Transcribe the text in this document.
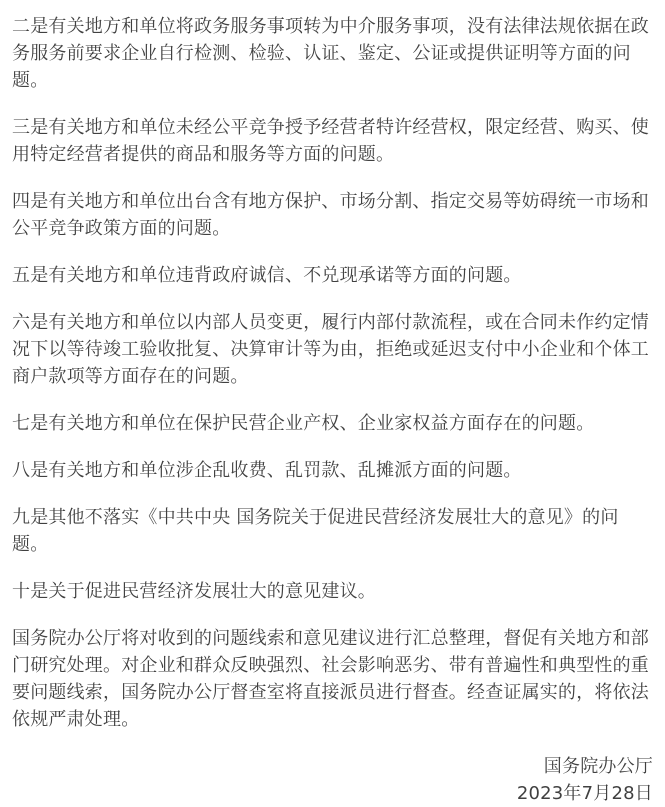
二是有关地方和单位将政务服务事项转为中介服务事项，没有法律法规依据在政务服务前要求企业自行检测、检验、认证、鉴定、公证或提供证明等方面的问题。

三是有关地方和单位未经公平竞争授予经营者特许经营权，限定经营、购买、使用特定经营者提供的商品和服务等方面的问题。

四是有关地方和单位出台含有地方保护、市场分割、指定交易等妨碍统一市场和公平竞争政策方面的问题。

五是有关地方和单位违背政府诚信、不兑现承诺等方面的问题。

六是有关地方和单位以内部人员变更，履行内部付款流程，或在合同未作约定情况下以等待竣工验收批复、决算审计等为由，拒绝或延迟支付中小企业和个体工商户款项等方面存在的问题。

七是有关地方和单位在保护民营企业产权、企业家权益方面存在的问题。

八是有关地方和单位涉企乱收费、乱罚款、乱摊派方面的问题。

九是其他不落实《中共中央 国务院关于促进民营经济发展壮大的意见》的问题。

十是关于促进民营经济发展壮大的意见建议。

国务院办公厅将对收到的问题线索和意见建议进行汇总整理，督促有关地方和部门研究处理。对企业和群众反映强烈、社会影响恶劣、带有普遍性和典型性的重要问题线索，国务院办公厅督查室将直接派员进行督查。经查证属实的，将依法依规严肃处理。

国务院办公厅
2023年7月28日
